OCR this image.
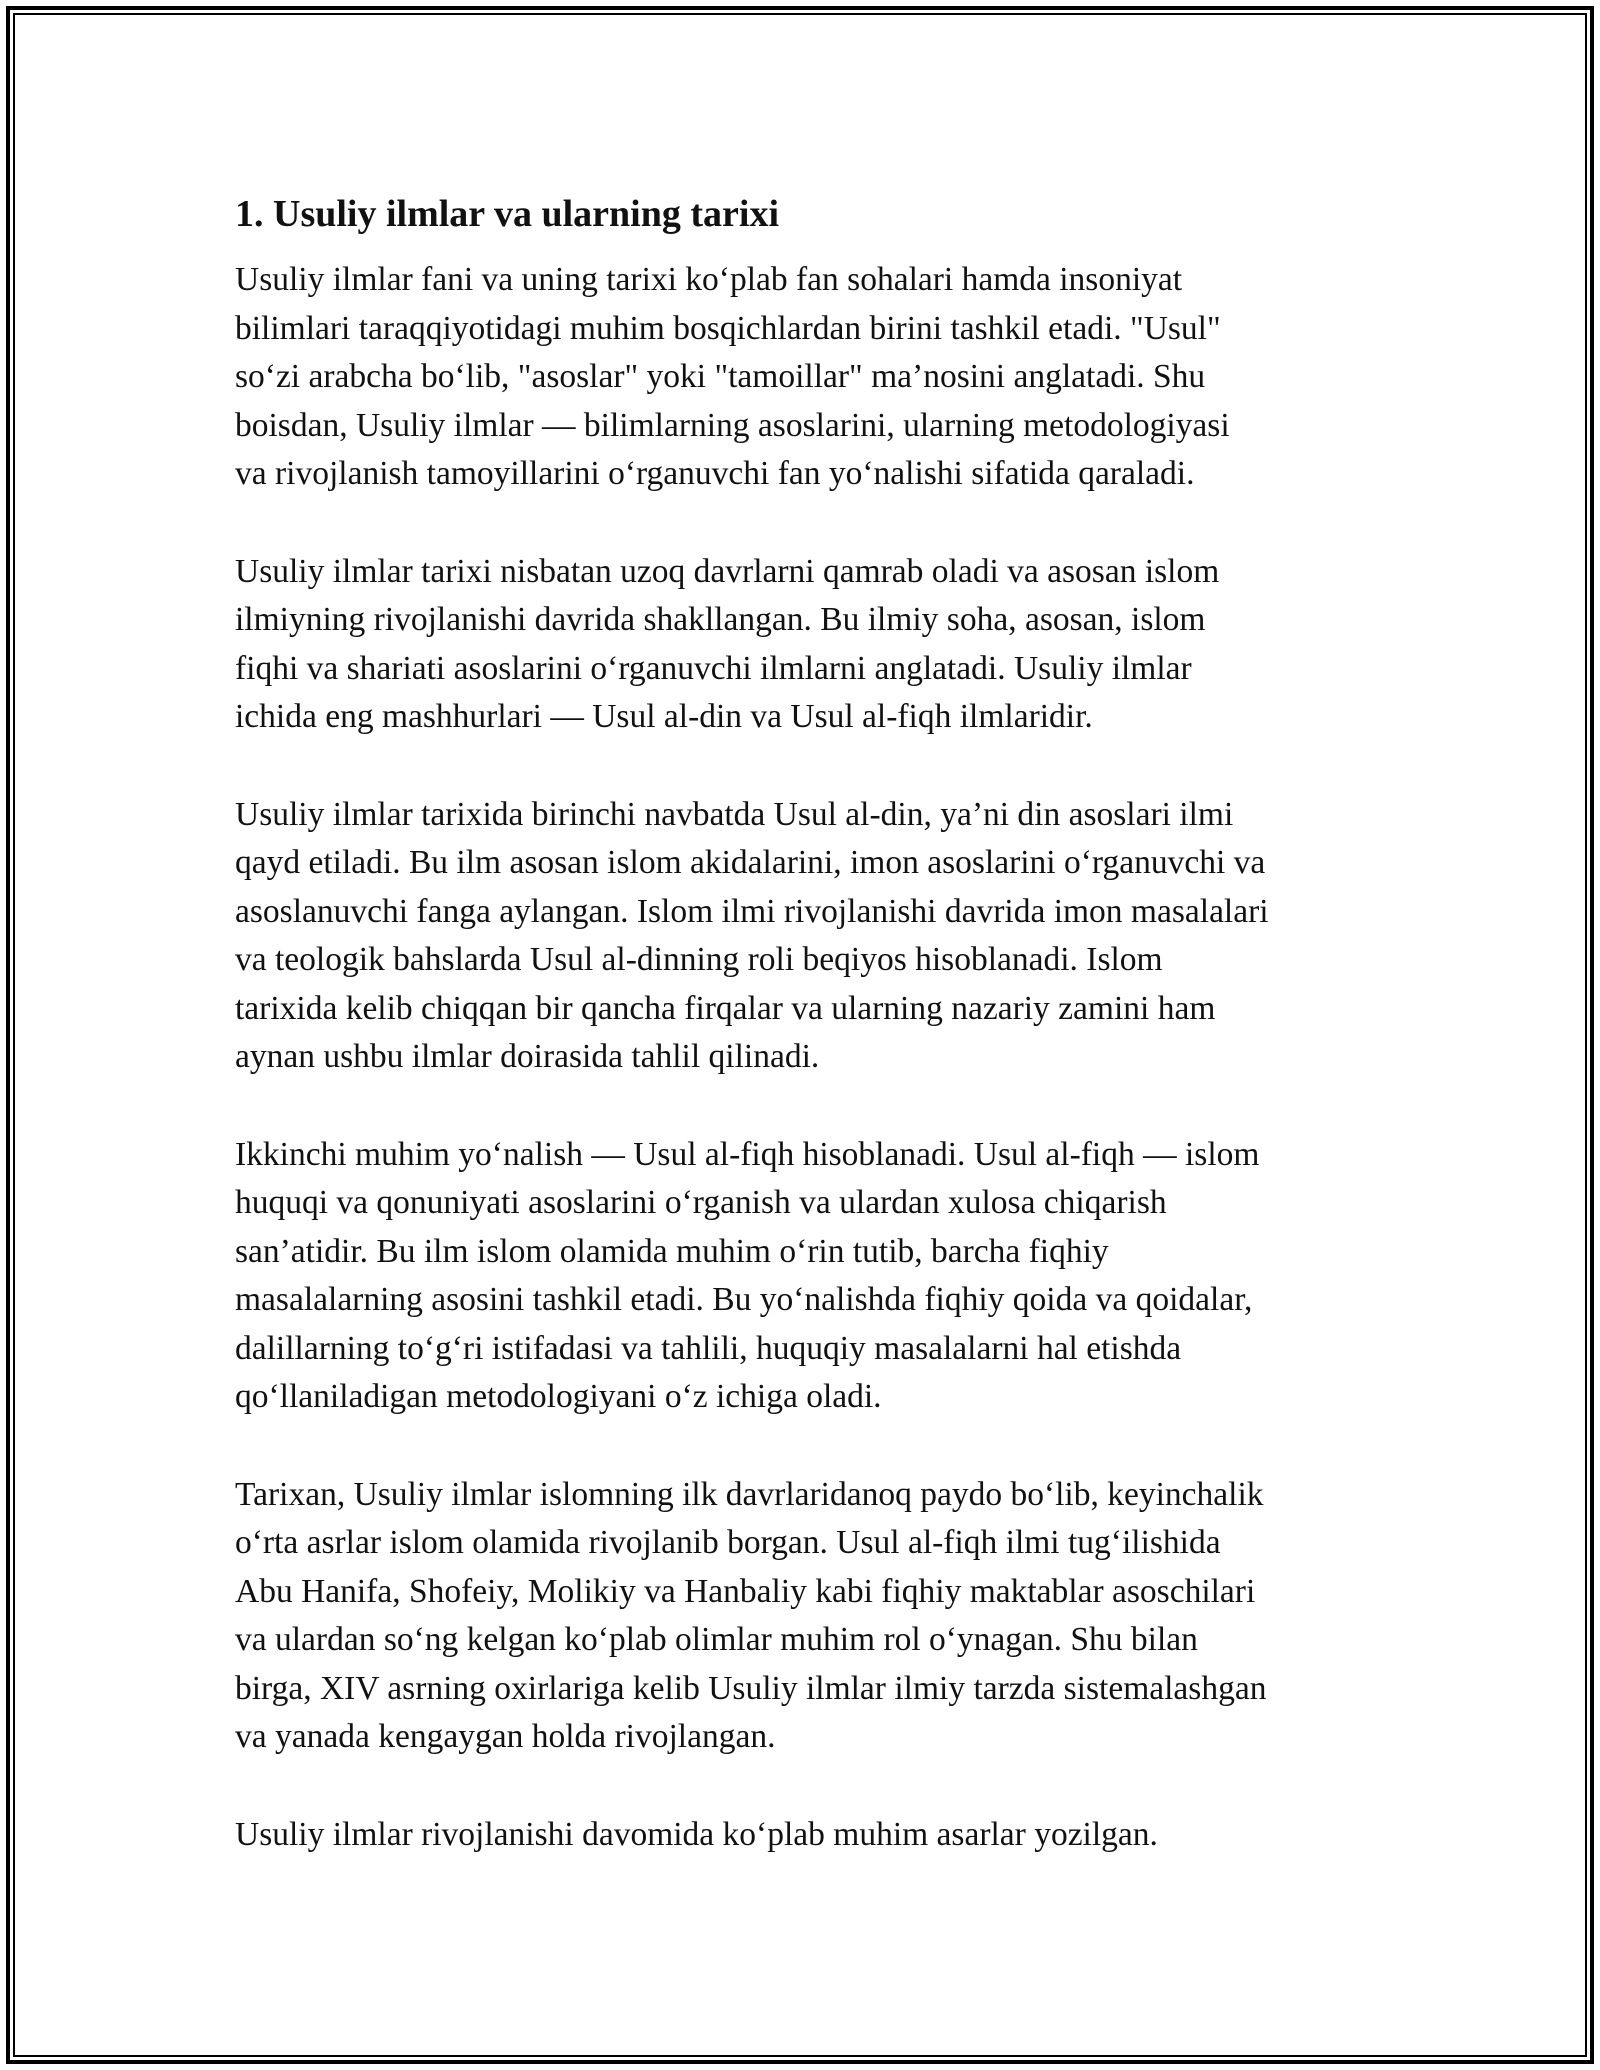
1. Usuliy ilmlar va ularning tarixi

Usuliy ilmlar fani va uning tarixi ko‘plab fan sohalari hamda insoniyat
bilimlari taraqqiyotidagi muhim bosqichlardan birini tashkil etadi. "Usul"
so‘zi arabcha bo‘lib, "asoslar" yoki "tamoillar" ma’nosini anglatadi. Shu
boisdan, Usuliy ilmlar — bilimlarning asoslarini, ularning metodologiyasi
va rivojlanish tamoyillarini o‘rganuvchi fan yo‘nalishi sifatida qaraladi.

Usuliy ilmlar tarixi nisbatan uzoq davrlarni qamrab oladi va asosan islom
ilmiyning rivojlanishi davrida shakllangan. Bu ilmiy soha, asosan, islom
fiqhi va shariati asoslarini o‘rganuvchi ilmlarni anglatadi. Usuliy ilmlar
ichida eng mashhurlari — Usul al-din va Usul al-fiqh ilmlaridir.

Usuliy ilmlar tarixida birinchi navbatda Usul al-din, ya’ni din asoslari ilmi
qayd etiladi. Bu ilm asosan islom akidalarini, imon asoslarini o‘rganuvchi va
asoslanuvchi fanga aylangan. Islom ilmi rivojlanishi davrida imon masalalari
va teologik bahslarda Usul al-dinning roli beqiyos hisoblanadi. Islom
tarixida kelib chiqqan bir qancha firqalar va ularning nazariy zamini ham
aynan ushbu ilmlar doirasida tahlil qilinadi.

Ikkinchi muhim yo‘nalish — Usul al-fiqh hisoblanadi. Usul al-fiqh — islom
huquqi va qonuniyati asoslarini o‘rganish va ulardan xulosa chiqarish
san’atidir. Bu ilm islom olamida muhim o‘rin tutib, barcha fiqhiy
masalalarning asosini tashkil etadi. Bu yo‘nalishda fiqhiy qoida va qoidalar,
dalillarning to‘g‘ri istifadasi va tahlili, huquqiy masalalarni hal etishda
qo‘llaniladigan metodologiyani o‘z ichiga oladi.

Tarixan, Usuliy ilmlar islomning ilk davrlaridanoq paydo bo‘lib, keyinchalik
o‘rta asrlar islom olamida rivojlanib borgan. Usul al-fiqh ilmi tug‘ilishida
Abu Hanifa, Shofeiy, Molikiy va Hanbaliy kabi fiqhiy maktablar asoschilari
va ulardan so‘ng kelgan ko‘plab olimlar muhim rol o‘ynagan. Shu bilan
birga, XIV asrning oxirlariga kelib Usuliy ilmlar ilmiy tarzda sistemalashgan
va yanada kengaygan holda rivojlangan.

Usuliy ilmlar rivojlanishi davomida ko‘plab muhim asarlar yozilgan.
